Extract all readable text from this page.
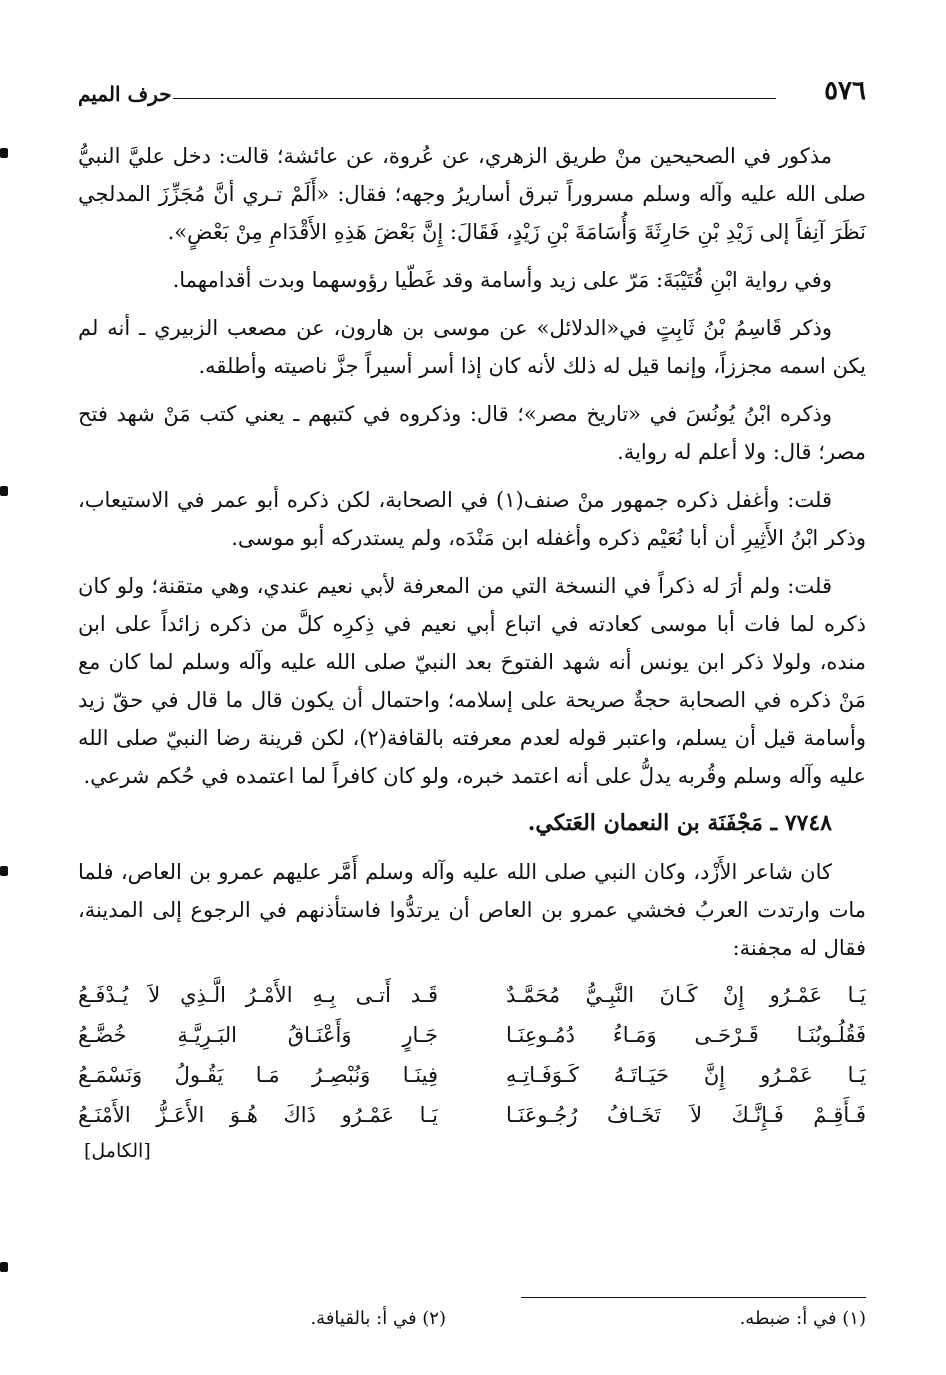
٥٧٦
حرف الميم

مذكور في الصحيحين منْ طريق الزهري، عن عُروة، عن عائشة؛ قالت: دخل عليَّ النبيُّ صلى الله عليه وآله وسلم مسروراً تبرق أساريرُ وجهه؛ فقال: «أَلَمْ تـري أنَّ مُجَزِّزَ المدلجي نَظَرَ آنِفاً إلى زَيْدِ بْنِ حَارِثَةَ وَأُسَامَةَ بْنِ زَيْدٍ، فَقَالَ: إِنَّ بَعْضَ هَذِهِ الأَقْدَامِ مِنْ بَعْضٍ».

وفي رواية ابْنِ قُتَيْبَةَ: مَرّ على زيد وأسامة وقد غَطّيا رؤوسهما وبدت أقدامهما.

وذكر قَاسِمُ بْنُ ثَابِتٍ في«الدلائل» عن موسى بن هارون، عن مصعب الزبيري ـ أنه لم يكن اسمه مجززاً، وإنما قيل له ذلك لأنه كان إذا أسر أسيراً جزَّ ناصيته وأطلقه.

وذكره ابْنُ يُونُسَ في «تاريخ مصر»؛ قال: وذكروه في كتبهم ـ يعني كتب مَنْ شهد فتح مصر؛ قال: ولا أعلم له رواية.

قلت: وأغفل ذكره جمهور منْ صنف(١) في الصحابة، لكن ذكره أبو عمر في الاستيعاب، وذكر ابْنُ الأَثِيرِ أن أبا نُعَيْم ذكره وأغفله ابن مَنْدَه، ولم يستدركه أبو موسى.

قلت: ولم أرَ له ذكراً في النسخة التي من المعرفة لأبي نعيم عندي، وهي متقنة؛ ولو كان ذكره لما فات أبا موسى كعادته في اتباع أبي نعيم في ذِكرِه كلَّ من ذكره زائداً على ابن منده، ولولا ذكر ابن يونس أنه شهد الفتوحَ بعد النبيّ صلى الله عليه وآله وسلم لما كان مع مَنْ ذكره في الصحابة حجةٌ صريحة على إسلامه؛ واحتمال أن يكون قال ما قال في حقّ زيد وأسامة قيل أن يسلم، واعتبر قوله لعدم معرفته بالقافة(٢)، لكن قرينة رضا النبيّ صلى الله عليه وآله وسلم وقُربه يدلُّ على أنه اعتمد خبره، ولو كان كافراً لما اعتمده في حُكم شرعي.

٧٧٤٨ ـ مَجْفَنَة بن النعمان العَتكي.

كان شاعر الأَزْد، وكان النبي صلى الله عليه وآله وسلم أَمَّر عليهم عمرو بن العاص، فلما مات وارتدت العربُ فخشي عمرو بن العاص أن يرتدُّوا فاستأذنهم في الرجوع إلى المدينة، فقال له مجفنة:

يَـا عَمْـرُو إِنْ كَـانَ النَّبِـيُّ مُحَمَّـدٌ
قَـد أَتـى بِـهِ الأَمْـرُ الَّـذِي لاَ يُـدْفَـعُ
فَقُلُـوبُنَـا قَـرْحَـى وَمَـاءُ دُمُـوعِنَـا
جَـارٍ وَأَعْنَـاقُ البَـرِيَّـةِ خُضَّـعُ
يَـا عَمْـرُو إِنَّ حَيَـاتَـهُ كَـوَفَـاتِـهِ
فِينَـا وَنُبْصِـرُ مَـا يَقُـولُ وَنَسْمَـعُ
فَـأَقِـمْ فَـإِنَّـكَ لاَ تَخَـافُ رُجُـوعَنَـا
يَـا عَمْـرُو ذَاكَ هُـوَ الأَعَـزُّ الأَمْنَـعُ
[الكامل]
(١) في أ: ضبطه.
(٢) في أ: بالقيافة.
